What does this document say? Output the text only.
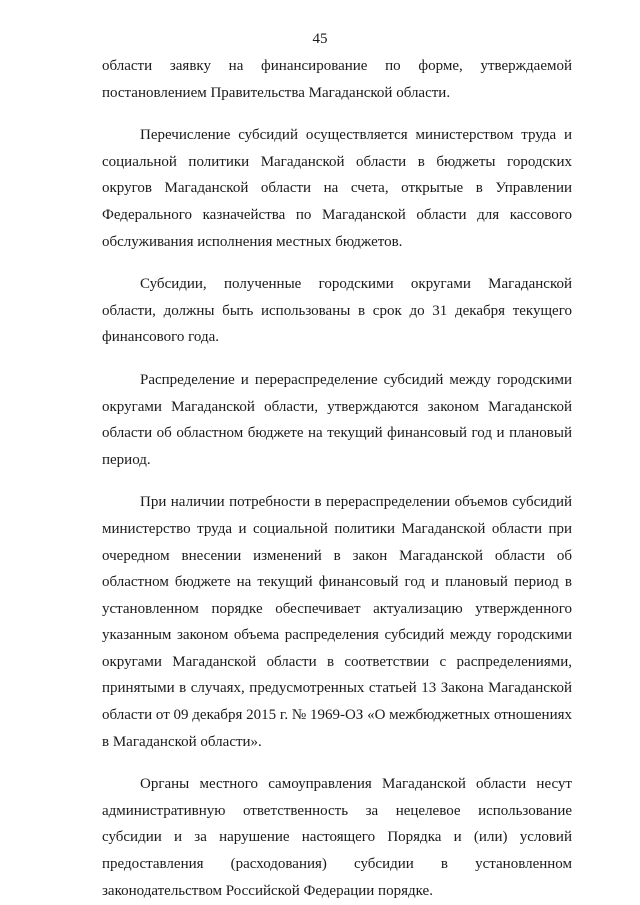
45

области заявку на финансирование по форме, утверждаемой постановлением Правительства Магаданской области.

Перечисление субсидий осуществляется министерством труда и социальной политики Магаданской области в бюджеты городских округов Магаданской области на счета, открытые в Управлении Федерального казначейства по Магаданской области для кассового обслуживания исполнения местных бюджетов.

Субсидии, полученные городскими округами Магаданской области, должны быть использованы в срок до 31 декабря текущего финансового года.

Распределение и перераспределение субсидий между городскими округами Магаданской области, утверждаются законом Магаданской области об областном бюджете на текущий финансовый год и плановый период.

При наличии потребности в перераспределении объемов субсидий министерство труда и социальной политики Магаданской области при очередном внесении изменений в закон Магаданской области об областном бюджете на текущий финансовый год и плановый период в установленном порядке обеспечивает актуализацию утвержденного указанным законом объема распределения субсидий между городскими округами Магаданской области в соответствии с распределениями, принятыми в случаях, предусмотренных статьей 13 Закона Магаданской области от 09 декабря 2015 г. № 1969-ОЗ «О межбюджетных отношениях в Магаданской области».

Органы местного самоуправления Магаданской области несут административную ответственность за нецелевое использование субсидии и за нарушение настоящего Порядка и (или) условий предоставления (расходования) субсидии в установленном законодательством Российской Федерации порядке.
